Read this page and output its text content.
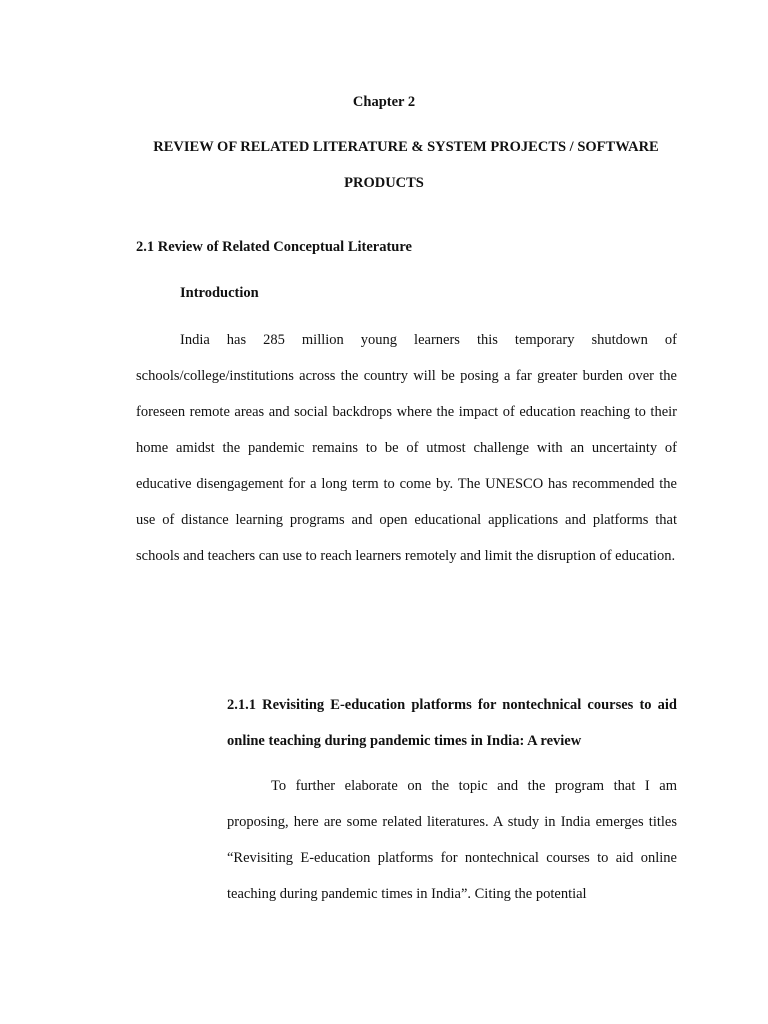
Chapter 2
REVIEW OF RELATED LITERATURE & SYSTEM PROJECTS / SOFTWARE
PRODUCTS
2.1 Review of Related Conceptual Literature
Introduction

India has 285 million young learners this temporary shutdown of schools/college/institutions across the country will be posing a far greater burden over the foreseen remote areas and social backdrops where the impact of education reaching to their home amidst the pandemic remains to be of utmost challenge with an uncertainty of educative disengagement for a long term to come by. The UNESCO has recommended the use of distance learning programs and open educational applications and platforms that schools and teachers can use to reach learners remotely and limit the disruption of education.

2.1.1 Revisiting E-education platforms for nontechnical courses to aid online teaching during pandemic times in India: A review

To further elaborate on the topic and the program that I am proposing, here are some related literatures. A study in India emerges titles “Revisiting E-education platforms for nontechnical courses to aid online teaching during pandemic times in India”. Citing the potential
